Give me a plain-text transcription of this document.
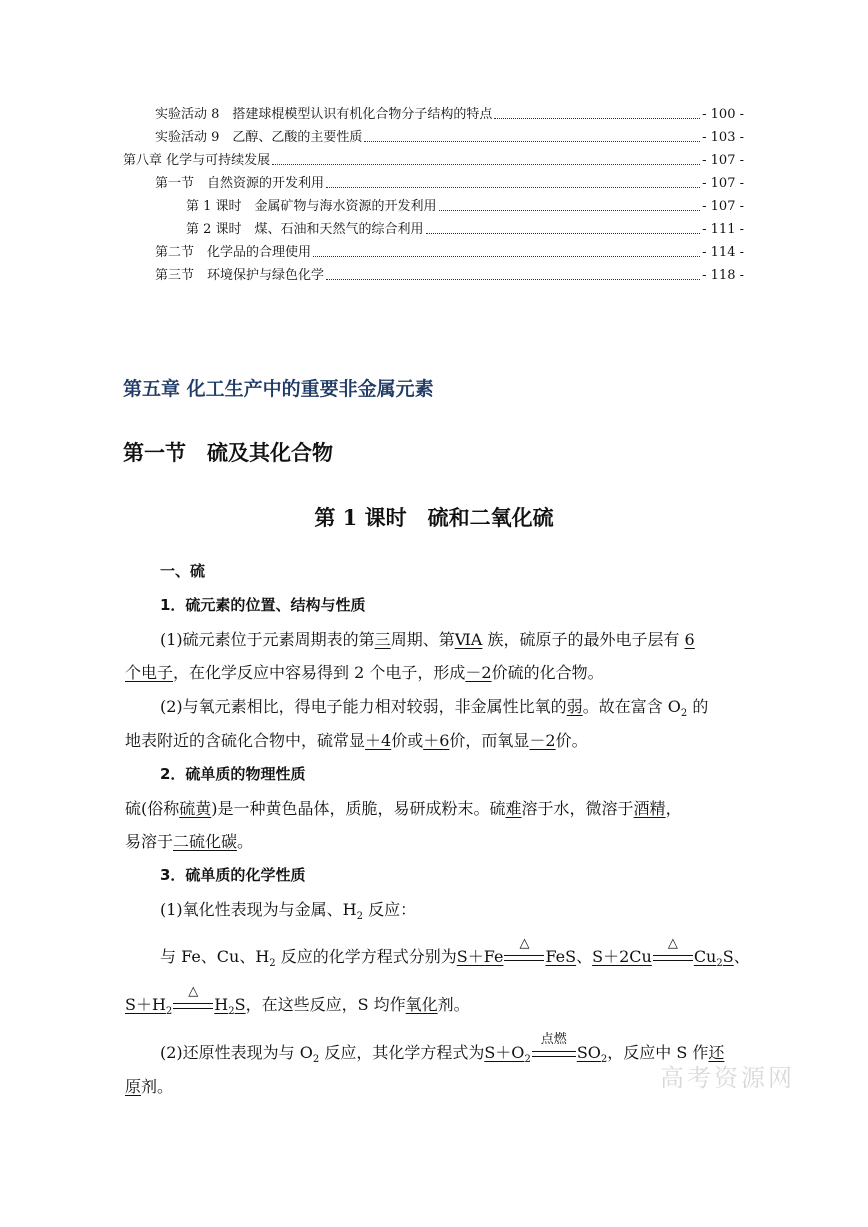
实验活动 8　搭建球棍模型认识有机化合物分子结构的特点	- 100 -
实验活动 9　乙醇、乙酸的主要性质	- 103 -
第八章 化学与可持续发展	- 107 -
第一节　自然资源的开发利用	- 107 -
第 1 课时　金属矿物与海水资源的开发利用	- 107 -
第 2 课时　煤、石油和天然气的综合利用	- 111 -
第二节　化学品的合理使用	- 114 -
第三节　环境保护与绿色化学	- 118 -
第五章 化工生产中的重要非金属元素
第一节　硫及其化合物
第 1 课时　硫和二氧化硫
一、硫
1．硫元素的位置、结构与性质
(1)硫元素位于元素周期表的第三周期、第ⅥA 族，硫原子的最外电子层有 6
个电子，在化学反应中容易得到 2 个电子，形成－2价硫的化合物。
(2)与氧元素相比，得电子能力相对较弱，非金属性比氧的弱。故在富含 $O_2$ 的
地表附近的含硫化合物中，硫常显＋4价或＋6价，而氧显－2价。
2．硫单质的物理性质
硫(俗称硫黄)是一种黄色晶体，质脆，易研成粉末。硫难溶于水，微溶于酒精，
易溶于二硫化碳。
3．硫单质的化学性质
(1)氧化性表现为与金属、$H_2$ 反应：
与 Fe、Cu、$H_2$ 反应的化学方程式分别为S＋Fe
△
FeS、S＋2Cu
△
$Cu_2S$、
$S+H_2$
△
$H_2S$，在这些反应，S 均作氧化剂。
(2)还原性表现为与 $O_2$ 反应，其化学方程式为$S+O_2$
点燃
$SO_2$，反应中 S 作还
原剂。	高考资源网
